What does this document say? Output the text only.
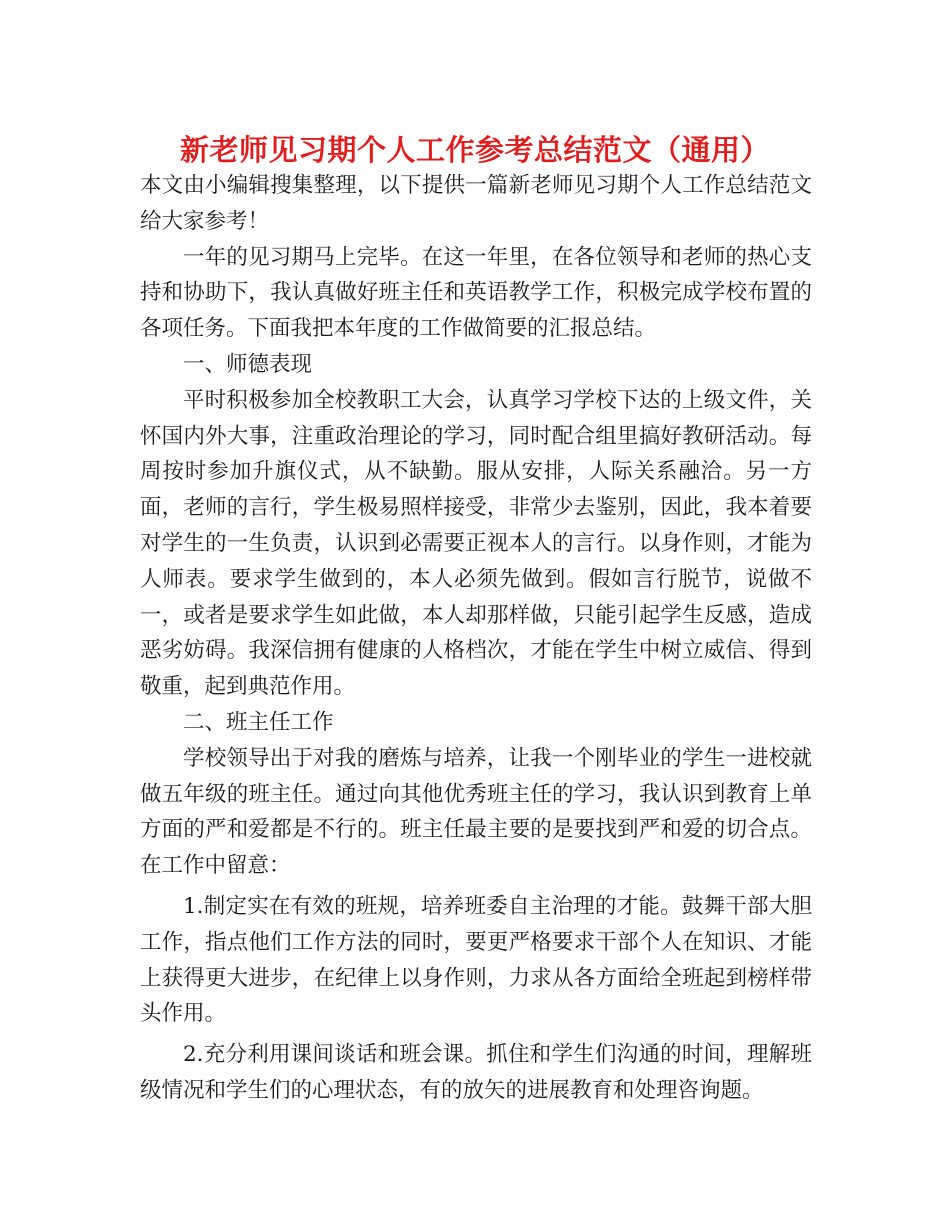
新老师见习期个人工作参考总结范文（通用）

本文由小编辑搜集整理，以下提供一篇新老师见习期个人工作总结范文给大家参考！

一年的见习期马上完毕。在这一年里，在各位领导和老师的热心支持和协助下，我认真做好班主任和英语教学工作，积极完成学校布置的各项任务。下面我把本年度的工作做简要的汇报总结。

一、师德表现

平时积极参加全校教职工大会，认真学习学校下达的上级文件，关怀国内外大事，注重政治理论的学习，同时配合组里搞好教研活动。每周按时参加升旗仪式，从不缺勤。服从安排，人际关系融洽。另一方面，老师的言行，学生极易照样接受，非常少去鉴别，因此，我本着要对学生的一生负责，认识到必需要正视本人的言行。以身作则，才能为人师表。要求学生做到的，本人必须先做到。假如言行脱节，说做不一，或者是要求学生如此做，本人却那样做，只能引起学生反感，造成恶劣妨碍。我深信拥有健康的人格档次，才能在学生中树立威信、得到敬重，起到典范作用。

二、班主任工作

学校领导出于对我的磨炼与培养，让我一个刚毕业的学生一进校就做五年级的班主任。通过向其他优秀班主任的学习，我认识到教育上单方面的严和爱都是不行的。班主任最主要的是要找到严和爱的切合点。在工作中留意：

1.制定实在有效的班规，培养班委自主治理的才能。鼓舞干部大胆工作，指点他们工作方法的同时，要更严格要求干部个人在知识、才能上获得更大进步，在纪律上以身作则，力求从各方面给全班起到榜样带头作用。

2.充分利用课间谈话和班会课。抓住和学生们沟通的时间，理解班级情况和学生们的心理状态，有的放矢的进展教育和处理咨询题。
